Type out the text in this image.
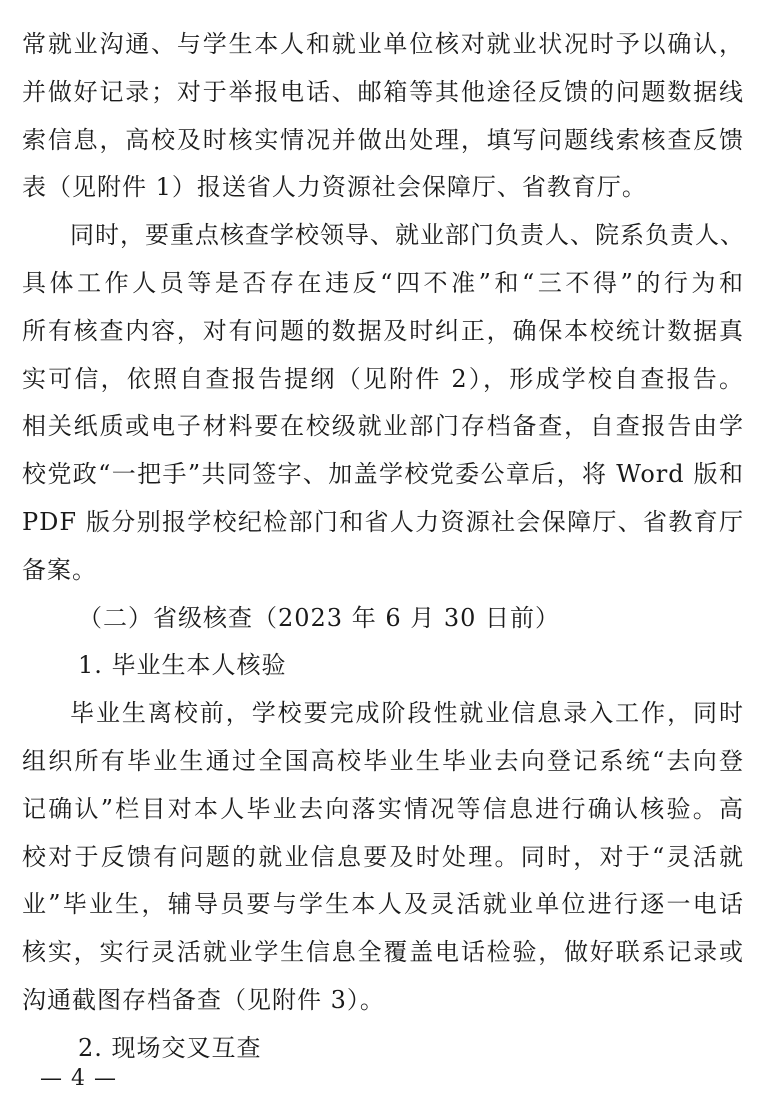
常就业沟通、与学生本人和就业单位核对就业状况时予以确认，
并做好记录；对于举报电话、邮箱等其他途径反馈的问题数据线
索信息，高校及时核实情况并做出处理，填写问题线索核查反馈
表（见附件 1）报送省人力资源社会保障厅、省教育厅。
同时，要重点核查学校领导、就业部门负责人、院系负责人、
具体工作人员等是否存在违反“四不准”和“三不得”的行为和
所有核查内容，对有问题的数据及时纠正，确保本校统计数据真
实可信，依照自查报告提纲（见附件 2），形成学校自查报告。
相关纸质或电子材料要在校级就业部门存档备查，自查报告由学
校党政“一把手”共同签字、加盖学校党委公章后，将 Word 版和
PDF 版分别报学校纪检部门和省人力资源社会保障厅、省教育厅
备案。
（二）省级核查（2023 年 6 月 30 日前）
1. 毕业生本人核验
毕业生离校前，学校要完成阶段性就业信息录入工作，同时
组织所有毕业生通过全国高校毕业生毕业去向登记系统“去向登
记确认”栏目对本人毕业去向落实情况等信息进行确认核验。高
校对于反馈有问题的就业信息要及时处理。同时，对于“灵活就
业”毕业生，辅导员要与学生本人及灵活就业单位进行逐一电话
核实，实行灵活就业学生信息全覆盖电话检验，做好联系记录或
沟通截图存档备查（见附件 3）。
2. 现场交叉互查
— 4 —
